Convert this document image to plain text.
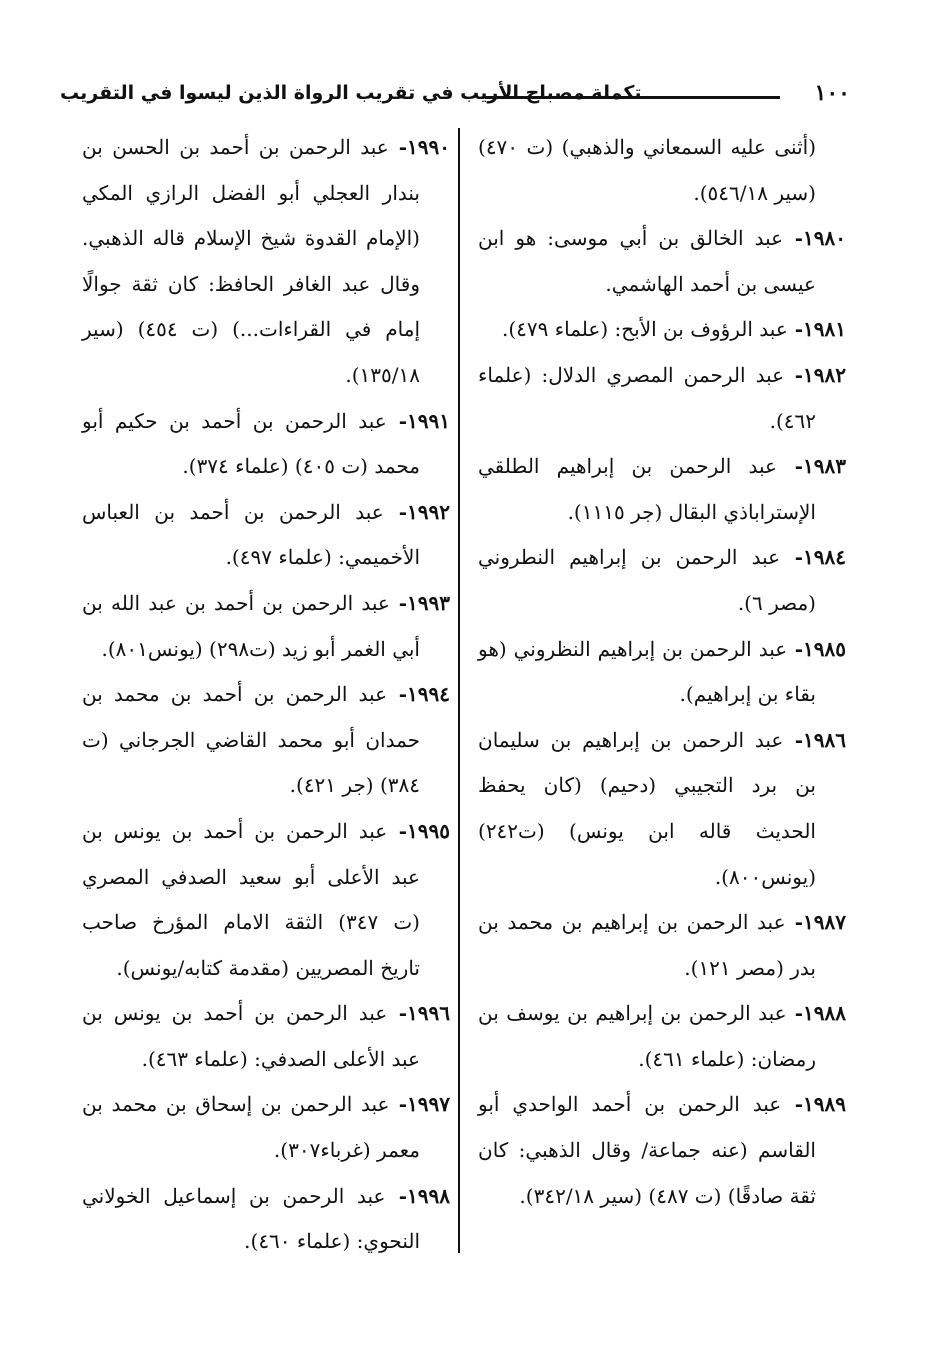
تكملة مصباح الأريب في تقريب الرواة الذين ليسوا في التقريب	١٠٠

(أثنى عليه السمعاني والذهبي) (ت ٤٧٠) (سير ٥٤٦/١٨).

١٩٨٠- عبد الخالق بن أبي موسى: هو ابن عيسى بن أحمد الهاشمي.

١٩٨١- عبد الرؤوف بن الأبح: (علماء ٤٧٩).

١٩٨٢- عبد الرحمن المصري الدلال: (علماء ٤٦٢).

١٩٨٣- عبد الرحمن بن إبراهيم الطلقي الإستراباذي البقال (جر ١١١٥).

١٩٨٤- عبد الرحمن بن إبراهيم النطروني (مصر ٦).

١٩٨٥- عبد الرحمن بن إبراهيم النظروني (هو بقاء بن إبراهيم).

١٩٨٦- عبد الرحمن بن إبراهيم بن سليمان بن برد التجيبي (دحيم) (كان يحفظ الحديث قاله ابن يونس) (ت٢٤٢) (يونس٨٠٠).

١٩٨٧- عبد الرحمن بن إبراهيم بن محمد بن بدر (مصر ١٢١).

١٩٨٨- عبد الرحمن بن إبراهيم بن يوسف بن رمضان: (علماء ٤٦١).

١٩٨٩- عبد الرحمن بن أحمد الواحدي أبو القاسم (عنه جماعة/ وقال الذهبي: كان ثقة صادقًا) (ت ٤٨٧) (سير ٣٤٢/١٨).

١٩٩٠- عبد الرحمن بن أحمد بن الحسن بن بندار العجلي أبو الفضل الرازي المكي (الإمام القدوة شيخ الإسلام قاله الذهبي. وقال عبد الغافر الحافظ: كان ثقة جوالًا إمام في القراءات...) (ت ٤٥٤) (سير ١٣٥/١٨).

١٩٩١- عبد الرحمن بن أحمد بن حكيم أبو محمد (ت ٤٠٥) (علماء ٣٧٤).

١٩٩٢- عبد الرحمن بن أحمد بن العباس الأخميمي: (علماء ٤٩٧).

١٩٩٣- عبد الرحمن بن أحمد بن عبد الله بن أبي الغمر أبو زيد (ت٢٩٨) (يونس٨٠١).

١٩٩٤- عبد الرحمن بن أحمد بن محمد بن حمدان أبو محمد القاضي الجرجاني (ت ٣٨٤) (جر ٤٢١).

١٩٩٥- عبد الرحمن بن أحمد بن يونس بن عبد الأعلى أبو سعيد الصدفي المصري (ت ٣٤٧) الثقة الامام المؤرخ صاحب تاريخ المصريين (مقدمة كتابه/يونس).

١٩٩٦- عبد الرحمن بن أحمد بن يونس بن عبد الأعلى الصدفي: (علماء ٤٦٣).

١٩٩٧- عبد الرحمن بن إسحاق بن محمد بن معمر (غرباء٣٠٧).

١٩٩٨- عبد الرحمن بن إسماعيل الخولاني النحوي: (علماء ٤٦٠).
